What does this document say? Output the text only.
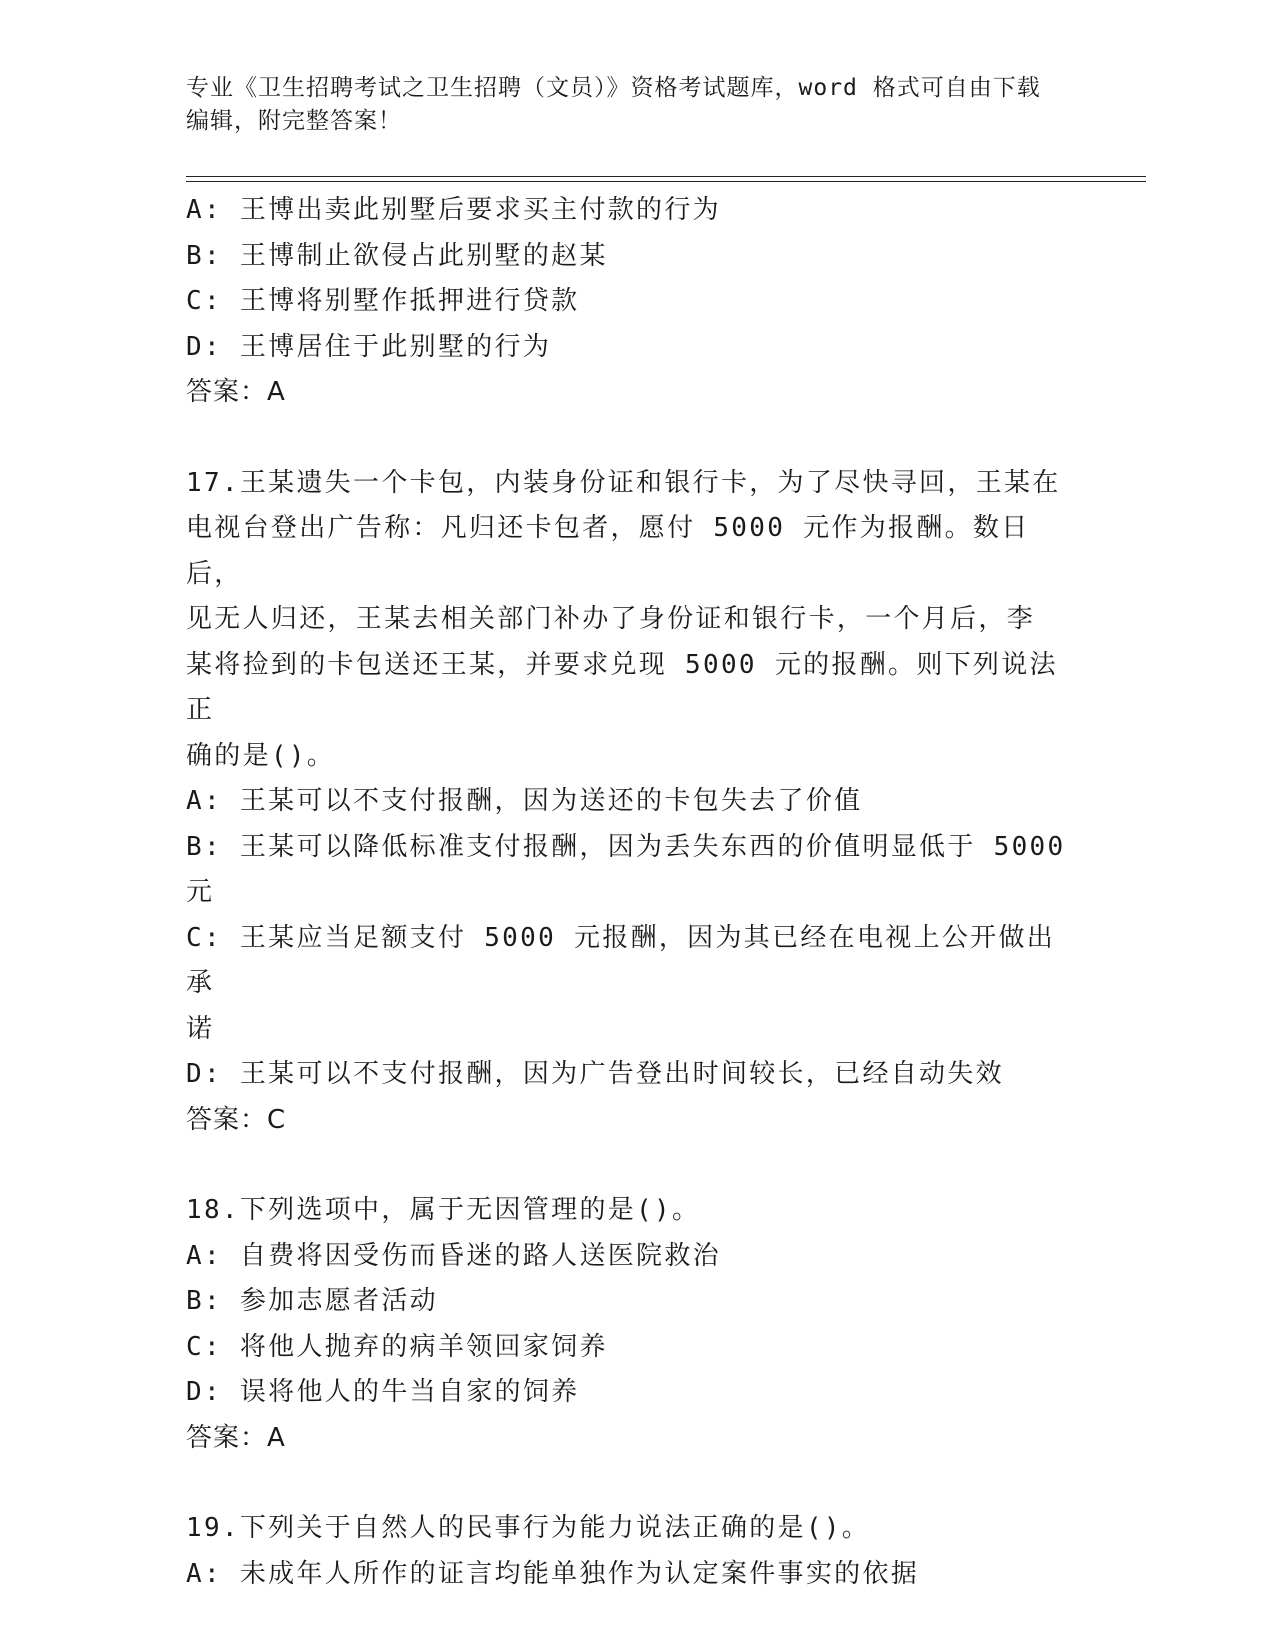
专业《卫生招聘考试之卫生招聘（文员）》资格考试题库，word 格式可自由下载
编辑，附完整答案！

A: 王博出卖此别墅后要求买主付款的行为

B: 王博制止欲侵占此别墅的赵某

C: 王博将别墅作抵押进行贷款

D: 王博居住于此别墅的行为

答案：A

17.王某遗失一个卡包，内装身份证和银行卡，为了尽快寻回，王某在

电视台登出广告称：凡归还卡包者，愿付 5000 元作为报酬。数日后，

见无人归还，王某去相关部门补办了身份证和银行卡，一个月后，李

某将捡到的卡包送还王某，并要求兑现 5000 元的报酬。则下列说法正

确的是()。

A: 王某可以不支付报酬，因为送还的卡包失去了价值

B: 王某可以降低标准支付报酬，因为丢失东西的价值明显低于 5000

元

C: 王某应当足额支付 5000 元报酬，因为其已经在电视上公开做出承

诺

D: 王某可以不支付报酬，因为广告登出时间较长，已经自动失效

答案：C

18.下列选项中，属于无因管理的是()。

A: 自费将因受伤而昏迷的路人送医院救治

B: 参加志愿者活动

C: 将他人抛弃的病羊领回家饲养

D: 误将他人的牛当自家的饲养

答案：A

19.下列关于自然人的民事行为能力说法正确的是()。

A: 未成年人所作的证言均能单独作为认定案件事实的依据
